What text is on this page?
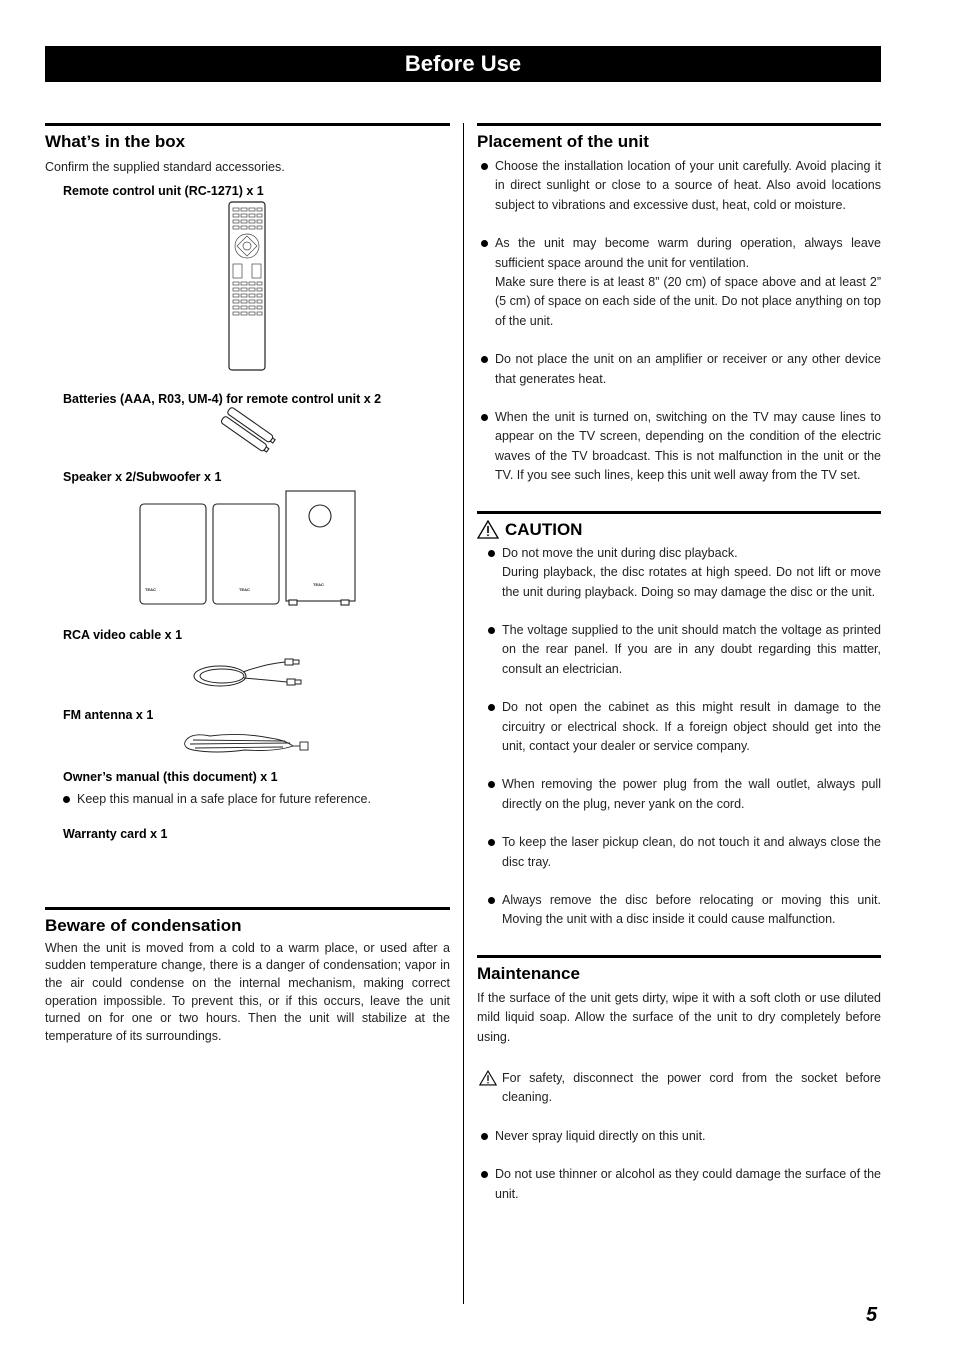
Before Use
What’s in the box

Confirm the supplied standard accessories.

Remote control unit (RC-1271) x 1

Batteries (AAA, R03, UM-4) for remote control unit x 2

Speaker x 2/Subwoofer x 1

TEAC	TEAC
TEAC

RCA video cable x 1

FM antenna x 1

Owner’s manual (this document) x 1

Keep this manual in a safe place for future reference.

Warranty card x 1

Beware of condensation

When the unit is moved from a cold to a warm place, or used after a sudden temperature change, there is a danger of condensation; vapor in the air could condense on the internal mechanism, making correct operation impossible. To prevent this, or if this occurs, leave the unit turned on for one or two hours. Then the unit will stabilize at the temperature of its surroundings.

Placement of the unit
Choose the installation location of your unit carefully. Avoid placing it in direct sunlight or close to a source of heat. Also avoid locations subject to vibrations and excessive dust, heat, cold or moisture.
As the unit may become warm during operation, always leave sufficient space around the unit for ventilation.
Make sure there is at least 8” (20 cm) of space above and at least 2” (5 cm) of space on each side of the unit. Do not place anything on top of the unit.
Do not place the unit on an amplifier or receiver or any other device that generates heat.
When the unit is turned on, switching on the TV may cause lines to appear on the TV screen, depending on the condition of the electric waves of the TV broadcast. This is not malfunction in the unit or the TV. If you see such lines, keep this unit well away from the TV set.
CAUTION
Do not move the unit during disc playback.
During playback, the disc rotates at high speed. Do not lift or move the unit during playback. Doing so may damage the disc or the unit.
The voltage supplied to the unit should match the voltage as printed on the rear panel. If you are in any doubt regarding this matter, consult an electrician.
Do not open the cabinet as this might result in damage to the circuitry or electrical shock. If a foreign object should get into the unit, contact your dealer or service company.
When removing the power plug from the wall outlet, always pull directly on the plug, never yank on the cord.
To keep the laser pickup clean, do not touch it and always close the disc tray.
Always remove the disc before relocating or moving this unit. Moving the unit with a disc inside it could cause malfunction.
Maintenance

If the surface of the unit gets dirty, wipe it with a soft cloth or use diluted mild liquid soap. Allow the surface of the unit to dry completely before using.

For safety, disconnect the power cord from the socket before cleaning.
Never spray liquid directly on this unit.
Do not use thinner or alcohol as they could damage the surface of the unit.
5
